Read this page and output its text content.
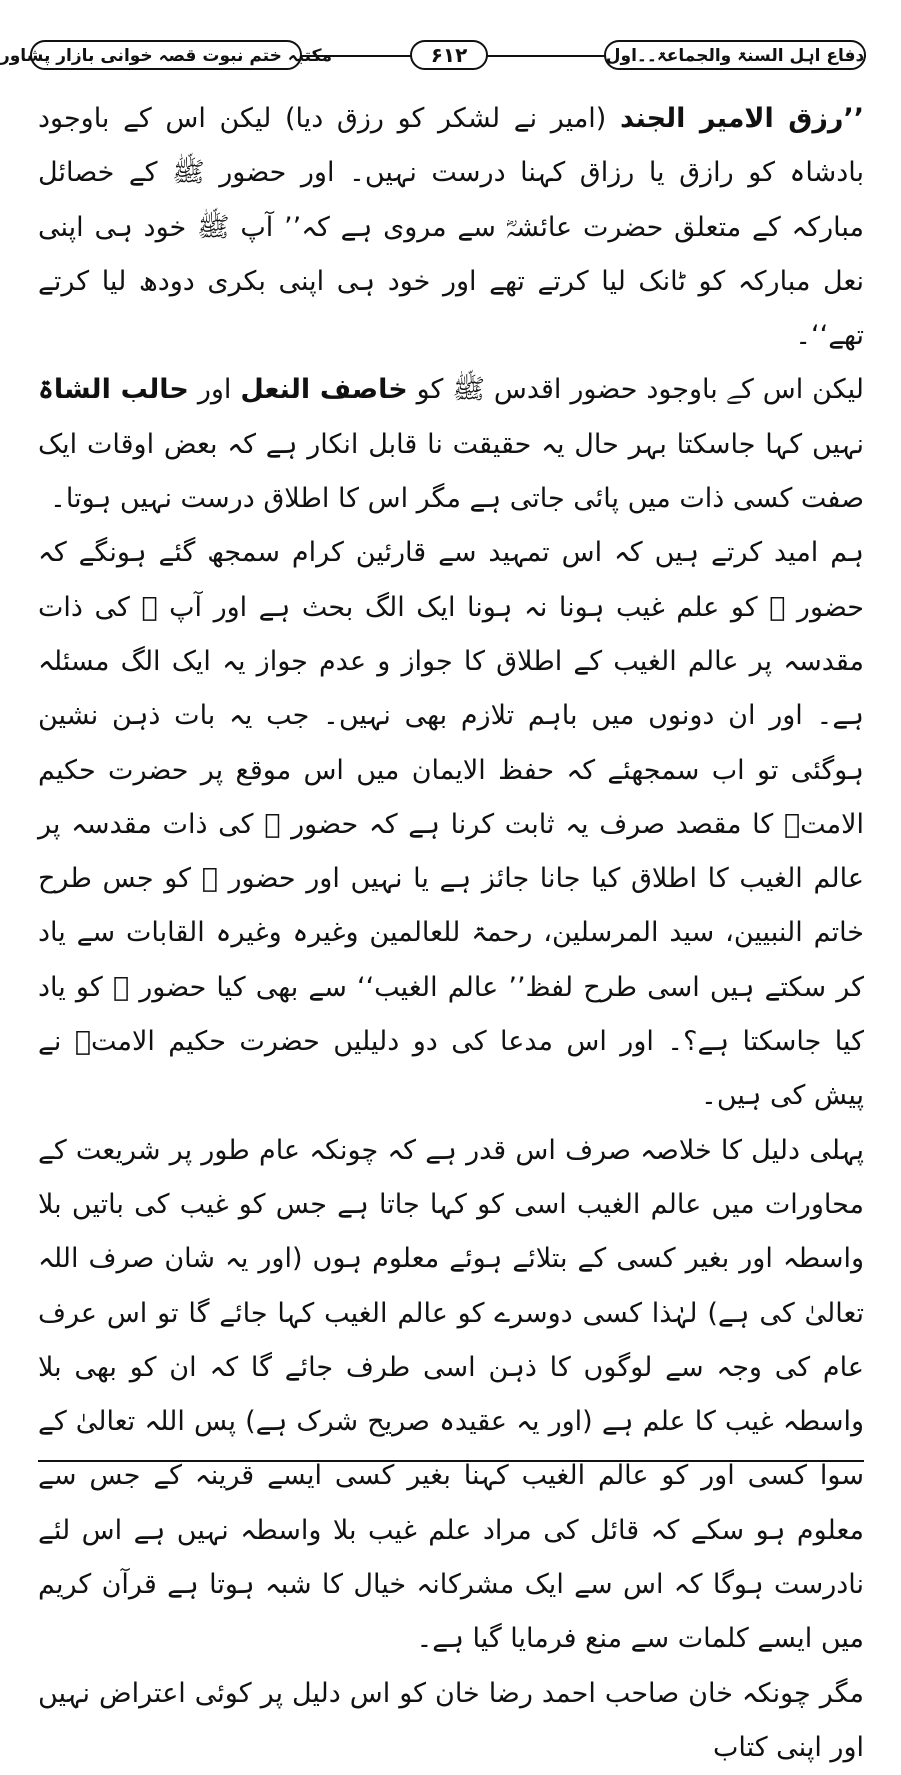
دفاع اہل السنۃ والجماعۃ۔۔اول
۶۱۲
مکتبہ ختم نبوت قصہ خوانی بازار پشاور

’’رزق الامیر الجند (امیر نے لشکر کو رزق دیا) لیکن اس کے باوجود بادشاہ کو رازق یا رزاق کہنا درست نہیں۔ اور حضور ﷺ کے خصائل مبارکہ کے متعلق حضرت عائشہؓ سے مروی ہے کہ’’ آپ ﷺ خود ہی اپنی نعل مبارکہ کو ٹانک لیا کرتے تھے اور خود ہی اپنی بکری دودھ لیا کرتے تھے‘‘۔

لیکن اس کے باوجود حضور اقدس ﷺ کو خاصف النعل اور حالب الشاۃ نہیں کہا جاسکتا بہر حال یہ حقیقت نا قابل انکار ہے کہ بعض اوقات ایک صفت کسی ذات میں پائی جاتی ہے مگر اس کا اطلاق درست نہیں ہوتا۔

ہم امید کرتے ہیں کہ اس تمہید سے قارئین کرام سمجھ گئے ہونگے کہ حضور ﷺ کو علم غیب ہونا نہ ہونا ایک الگ بحث ہے اور آپ ﷺ کی ذات مقدسہ پر عالم الغیب کے اطلاق کا جواز و عدم جواز یہ ایک الگ مسئلہ ہے۔ اور ان دونوں میں باہم تلازم بھی نہیں۔ جب یہ بات ذہن نشین ہوگئی تو اب سمجھئے کہ حفظ الایمان میں اس موقع پر حضرت حکیم الامتؒ کا مقصد صرف یہ ثابت کرنا ہے کہ حضور ﷺ کی ذات مقدسہ پر عالم الغیب کا اطلاق کیا جانا جائز ہے یا نہیں اور حضور ﷺ کو جس طرح خاتم النبیین، سید المرسلین، رحمۃ للعالمین وغیرہ وغیرہ القابات سے یاد کر سکتے ہیں اسی طرح لفظ’’ عالم الغیب‘‘ سے بھی کیا حضور ﷺ کو یاد کیا جاسکتا ہے؟۔ اور اس مدعا کی دو دلیلیں حضرت حکیم الامتؒ نے پیش کی ہیں۔

پہلی دلیل کا خلاصہ صرف اس قدر ہے کہ چونکہ عام طور پر شریعت کے محاورات میں عالم الغیب اسی کو کہا جاتا ہے جس کو غیب کی باتیں بلا واسطہ اور بغیر کسی کے بتلائے ہوئے معلوم ہوں (اور یہ شان صرف اللہ تعالیٰ کی ہے) لہٰذا کسی دوسرے کو عالم الغیب کہا جائے گا تو اس عرف عام کی وجہ سے لوگوں کا ذہن اسی طرف جائے گا کہ ان کو بھی بلا واسطہ غیب کا علم ہے (اور یہ عقیدہ صریح شرک ہے) پس اللہ تعالیٰ کے سوا کسی اور کو عالم الغیب کہنا بغیر کسی ایسے قرینہ کے جس سے معلوم ہو سکے کہ قائل کی مراد علم غیب بلا واسطہ نہیں ہے اس لئے نادرست ہوگا کہ اس سے ایک مشرکانہ خیال کا شبہ ہوتا ہے قرآن کریم میں ایسے کلمات سے منع فرمایا گیا ہے۔

مگر چونکہ خان صاحب احمد رضا خان کو اس دلیل پر کوئی اعتراض نہیں اور اپنی کتاب
